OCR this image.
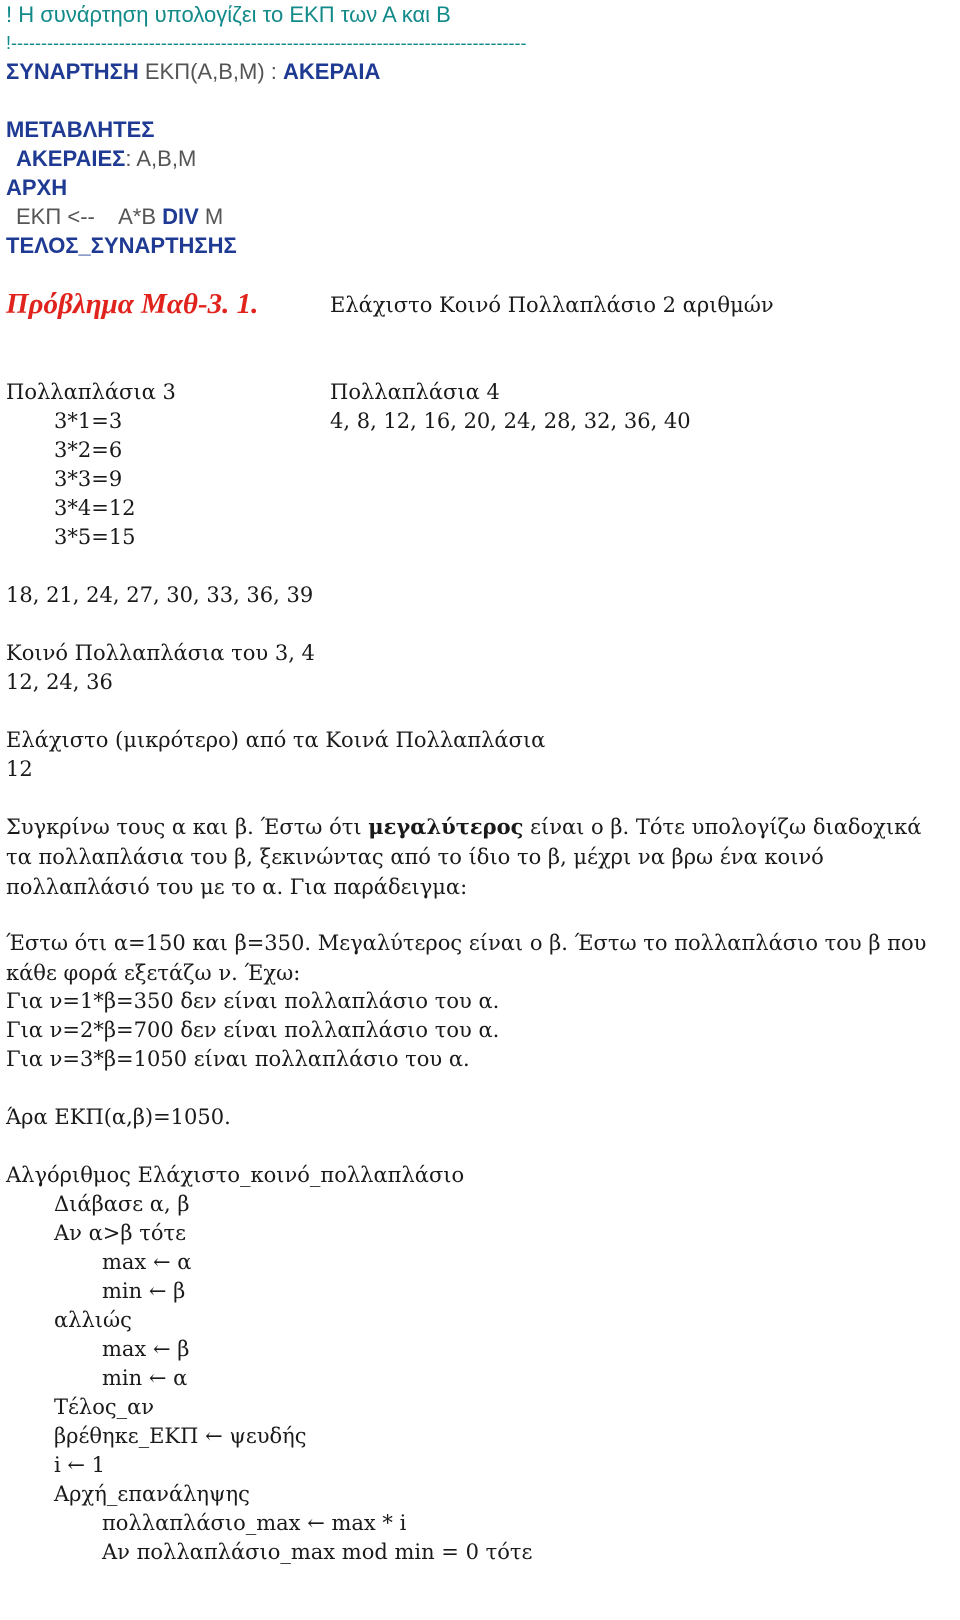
! Η συνάρτηση υπολογίζει το ΕΚΠ των Α και Β
!--------------------------------------------------------------------------------------
ΣΥΝΑΡΤΗΣΗ ΕΚΠ(Α,Β,Μ) : ΑΚΕΡΑΙΑ
ΜΕΤΑΒΛΗΤΕΣ
ΑΚΕΡΑΙΕΣ: Α,Β,Μ
ΑΡΧΗ
ΕΚΠ <--    Α*Β DIV Μ
ΤΕΛΟΣ_ΣΥΝΑΡΤΗΣΗΣ
Πρόβλημα Μαθ-3. 1.	Ελάχιστο Κοινό Πολλαπλάσιο 2 αριθμών
Πολλαπλάσια 3	Πολλαπλάσια 4
3*1=3	4, 8, 12, 16, 20, 24, 28, 32, 36, 40
3*2=6
3*3=9
3*4=12
3*5=15
18, 21, 24, 27, 30, 33, 36, 39
Κοινό Πολλαπλάσια του 3, 4
12, 24, 36
Ελάχιστο (μικρότερο) από τα Κοινά Πολλαπλάσια
12
Συγκρίνω τους α και β. Έστω ότι μεγαλύτερος είναι ο β. Τότε υπολογίζω διαδοχικά τα πολλαπλάσια του β, ξεκινώντας από το ίδιο το β, μέχρι να βρω ένα κοινό πολλαπλάσιό του με το α. Για παράδειγμα:
Έστω ότι α=150 και β=350. Μεγαλύτερος είναι ο β. Έστω το πολλαπλάσιο του β που κάθε φορά εξετάζω ν. Έχω:
Για ν=1*β=350 δεν είναι πολλαπλάσιο του α.
Για ν=2*β=700 δεν είναι πολλαπλάσιο του α.
Για ν=3*β=1050 είναι πολλαπλάσιο του α.
Άρα ΕΚΠ(α,β)=1050.
Αλγόριθμος Ελάχιστο_κοινό_πολλαπλάσιο
Διάβασε α, β
Αν α>β τότε
max ← α
min ← β
αλλιώς
max ← β
min ← α
Τέλος_αν
βρέθηκε_ΕΚΠ ← ψευδής
i ← 1
Αρχή_επανάληψης
πολλαπλάσιο_max ← max * i
Αν πολλαπλάσιο_max mod min = 0 τότε
